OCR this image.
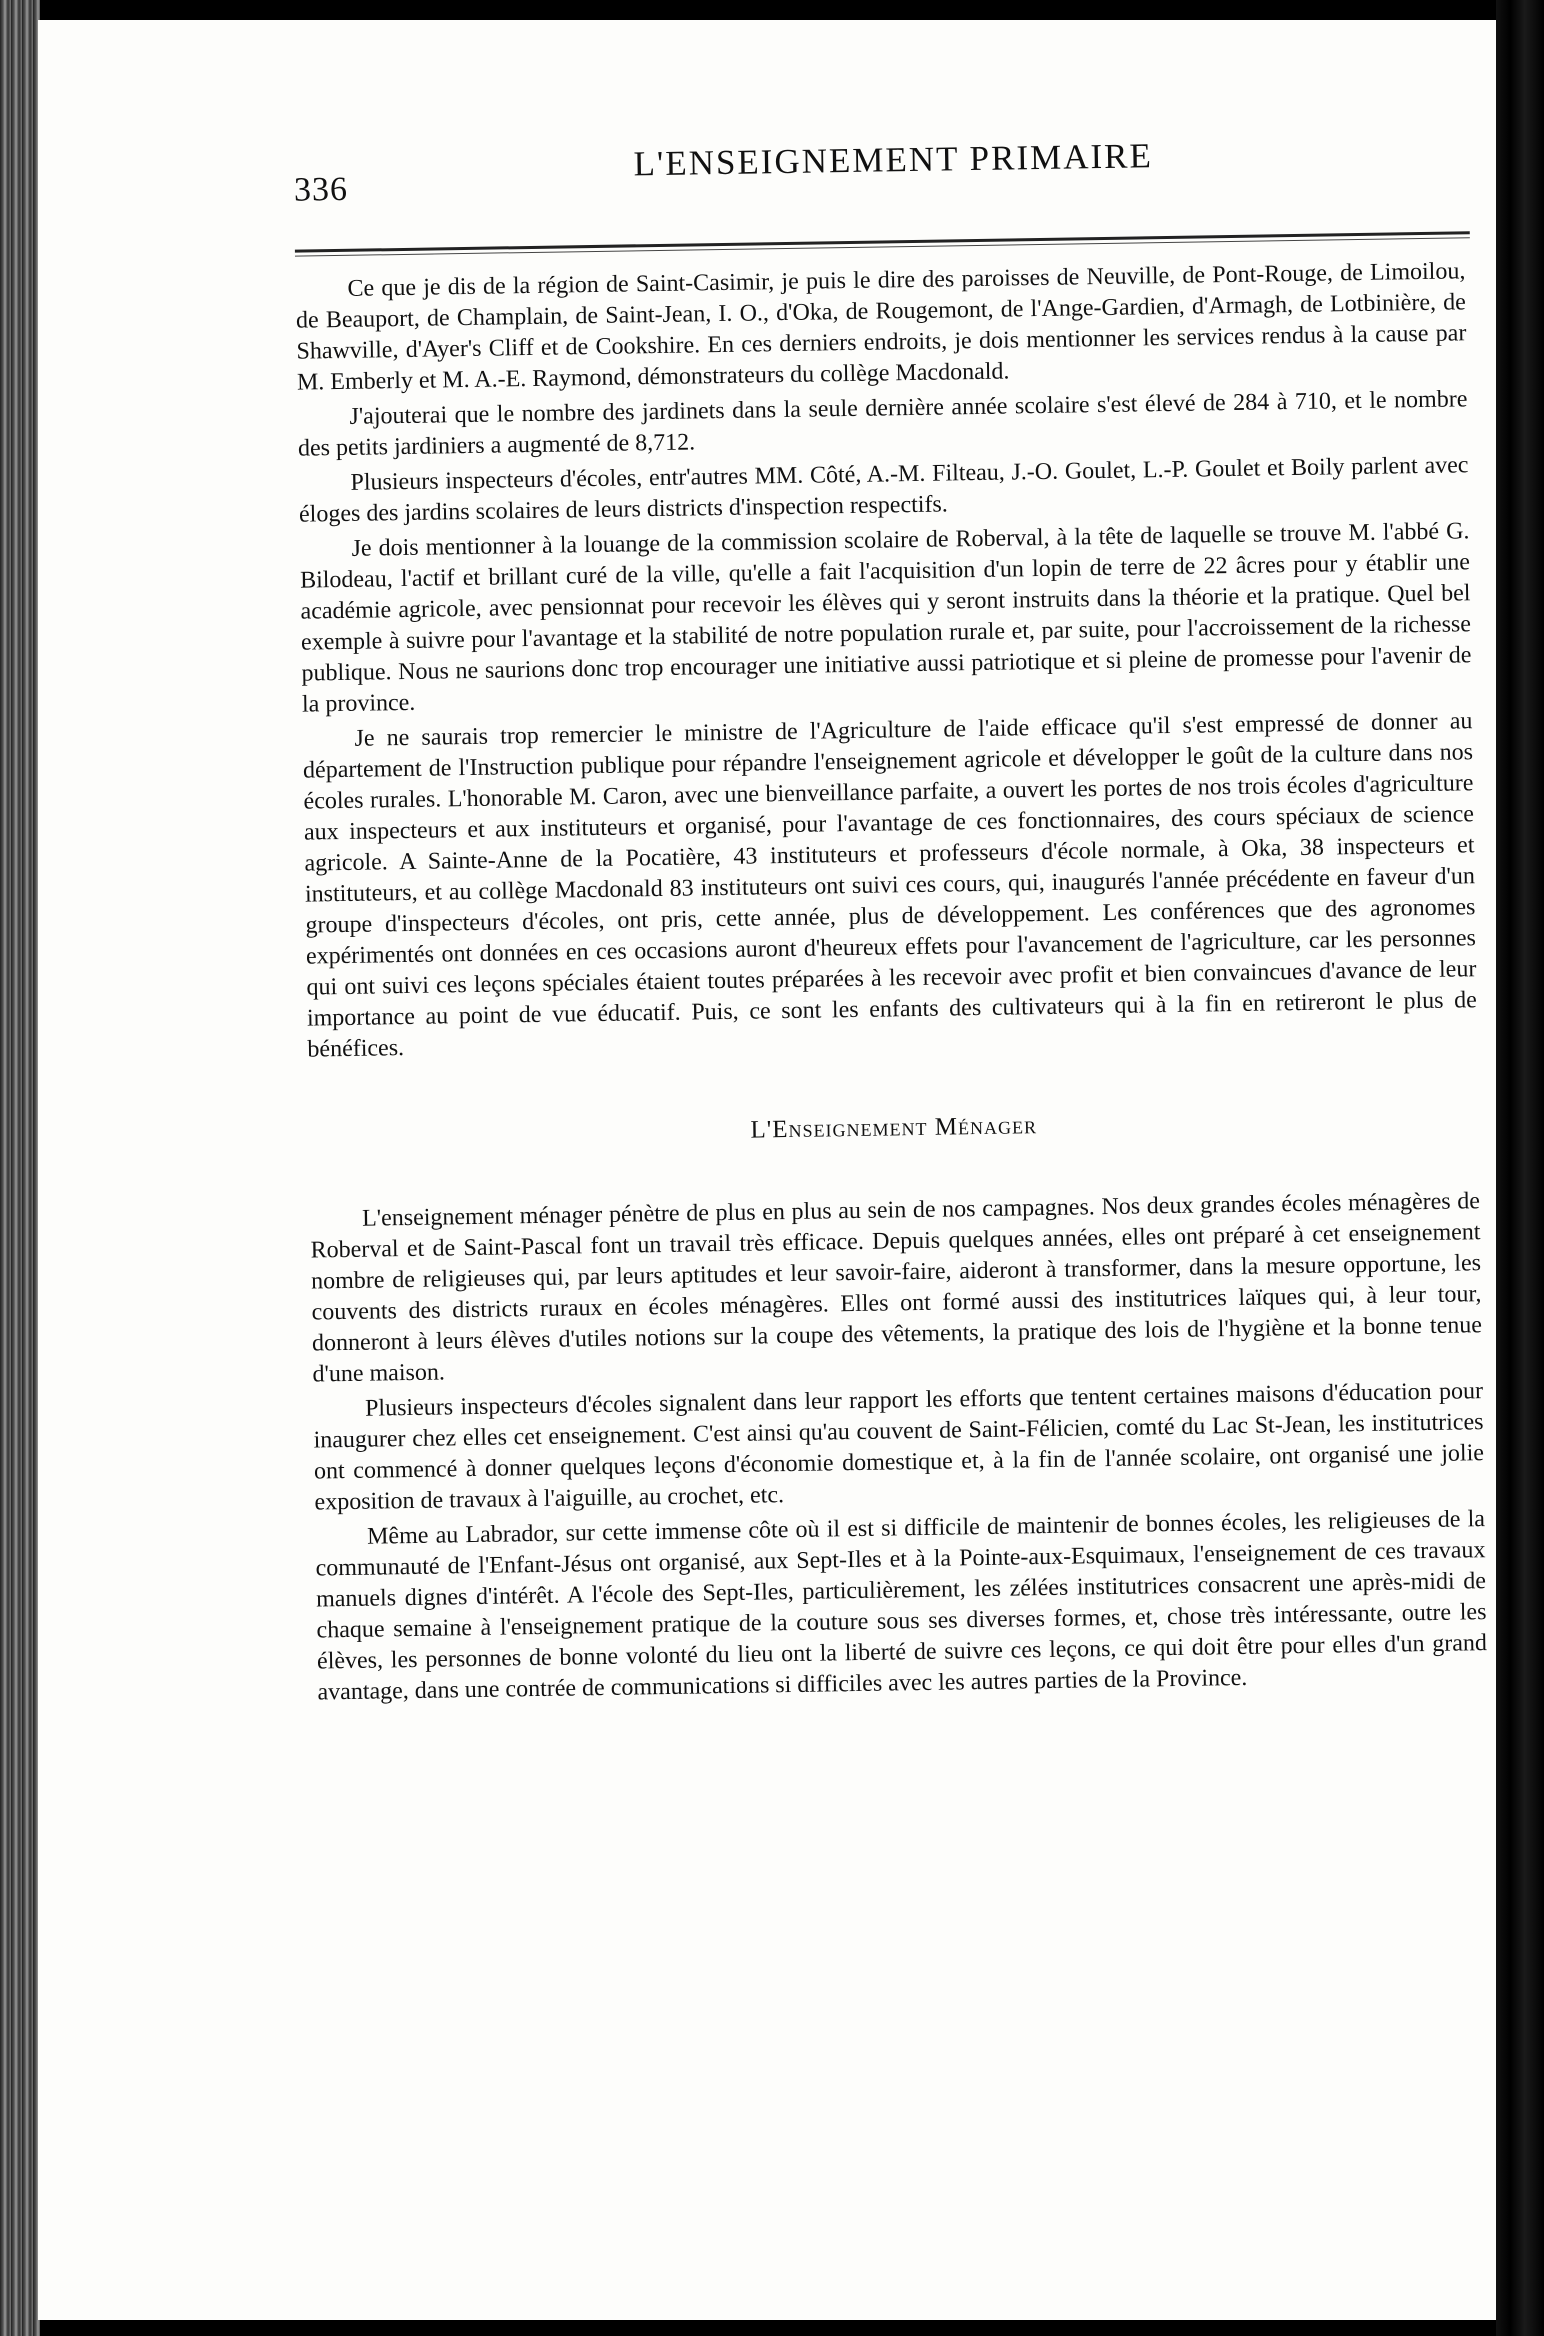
336
L'ENSEIGNEMENT PRIMAIRE

Ce que je dis de la région de Saint-Casimir, je puis le dire des paroisses de Neuville, de Pont-Rouge, de Limoilou, de Beauport, de Champlain, de Saint-Jean, I. O., d'Oka, de Rougemont, de l'Ange-Gardien, d'Armagh, de Lotbinière, de Shawville, d'Ayer's Cliff et de Cookshire. En ces derniers endroits, je dois mentionner les services rendus à la cause par M. Emberly et M. A.-E. Raymond, démonstrateurs du collège Macdonald.

J'ajouterai que le nombre des jardinets dans la seule dernière année scolaire s'est élevé de 284 à 710, et le nombre des petits jardiniers a augmenté de 8,712.

Plusieurs inspecteurs d'écoles, entr'autres MM. Côté, A.-M. Filteau, J.-O. Goulet, L.-P. Goulet et Boily parlent avec éloges des jardins scolaires de leurs districts d'inspection respectifs.

Je dois mentionner à la louange de la commission scolaire de Roberval, à la tête de laquelle se trouve M. l'abbé G. Bilodeau, l'actif et brillant curé de la ville, qu'elle a fait l'acquisition d'un lopin de terre de 22 âcres pour y établir une académie agricole, avec pensionnat pour recevoir les élèves qui y seront instruits dans la théorie et la pratique. Quel bel exemple à suivre pour l'avantage et la stabilité de notre population rurale et, par suite, pour l'accroissement de la richesse publique. Nous ne saurions donc trop encourager une initiative aussi patriotique et si pleine de promesse pour l'avenir de la province.

Je ne saurais trop remercier le ministre de l'Agriculture de l'aide efficace qu'il s'est empressé de donner au département de l'Instruction publique pour répandre l'enseignement agricole et développer le goût de la culture dans nos écoles rurales. L'honorable M. Caron, avec une bienveillance parfaite, a ouvert les portes de nos trois écoles d'agriculture aux inspecteurs et aux instituteurs et organisé, pour l'avantage de ces fonctionnaires, des cours spéciaux de science agricole. A Sainte-Anne de la Pocatière, 43 instituteurs et professeurs d'école normale, à Oka, 38 inspecteurs et instituteurs, et au collège Macdonald 83 instituteurs ont suivi ces cours, qui, inaugurés l'année précédente en faveur d'un groupe d'inspecteurs d'écoles, ont pris, cette année, plus de développement. Les conférences que des agronomes expérimentés ont données en ces occasions auront d'heureux effets pour l'avancement de l'agriculture, car les personnes qui ont suivi ces leçons spéciales étaient toutes préparées à les recevoir avec profit et bien convaincues d'avance de leur importance au point de vue éducatif. Puis, ce sont les enfants des cultivateurs qui à la fin en retireront le plus de bénéfices.

L'Enseignement Ménager

L'enseignement ménager pénètre de plus en plus au sein de nos campagnes. Nos deux grandes écoles ménagères de Roberval et de Saint-Pascal font un travail très efficace. Depuis quelques années, elles ont préparé à cet enseignement nombre de religieuses qui, par leurs aptitudes et leur savoir-faire, aideront à transformer, dans la mesure opportune, les couvents des districts ruraux en écoles ménagères. Elles ont formé aussi des institutrices laïques qui, à leur tour, donneront à leurs élèves d'utiles notions sur la coupe des vêtements, la pratique des lois de l'hygiène et la bonne tenue d'une maison.

Plusieurs inspecteurs d'écoles signalent dans leur rapport les efforts que tentent certaines maisons d'éducation pour inaugurer chez elles cet enseignement. C'est ainsi qu'au couvent de Saint-Félicien, comté du Lac St-Jean, les institutrices ont commencé à donner quelques leçons d'économie domestique et, à la fin de l'année scolaire, ont organisé une jolie exposition de travaux à l'aiguille, au crochet, etc.

Même au Labrador, sur cette immense côte où il est si difficile de maintenir de bonnes écoles, les religieuses de la communauté de l'Enfant-Jésus ont organisé, aux Sept-Iles et à la Pointe-aux-Esquimaux, l'enseignement de ces travaux manuels dignes d'intérêt. A l'école des Sept-Iles, particulièrement, les zélées institutrices consacrent une après-midi de chaque semaine à l'enseignement pratique de la couture sous ses diverses formes, et, chose très intéressante, outre les élèves, les personnes de bonne volonté du lieu ont la liberté de suivre ces leçons, ce qui doit être pour elles d'un grand avantage, dans une contrée de communications si difficiles avec les autres parties de la Province.
